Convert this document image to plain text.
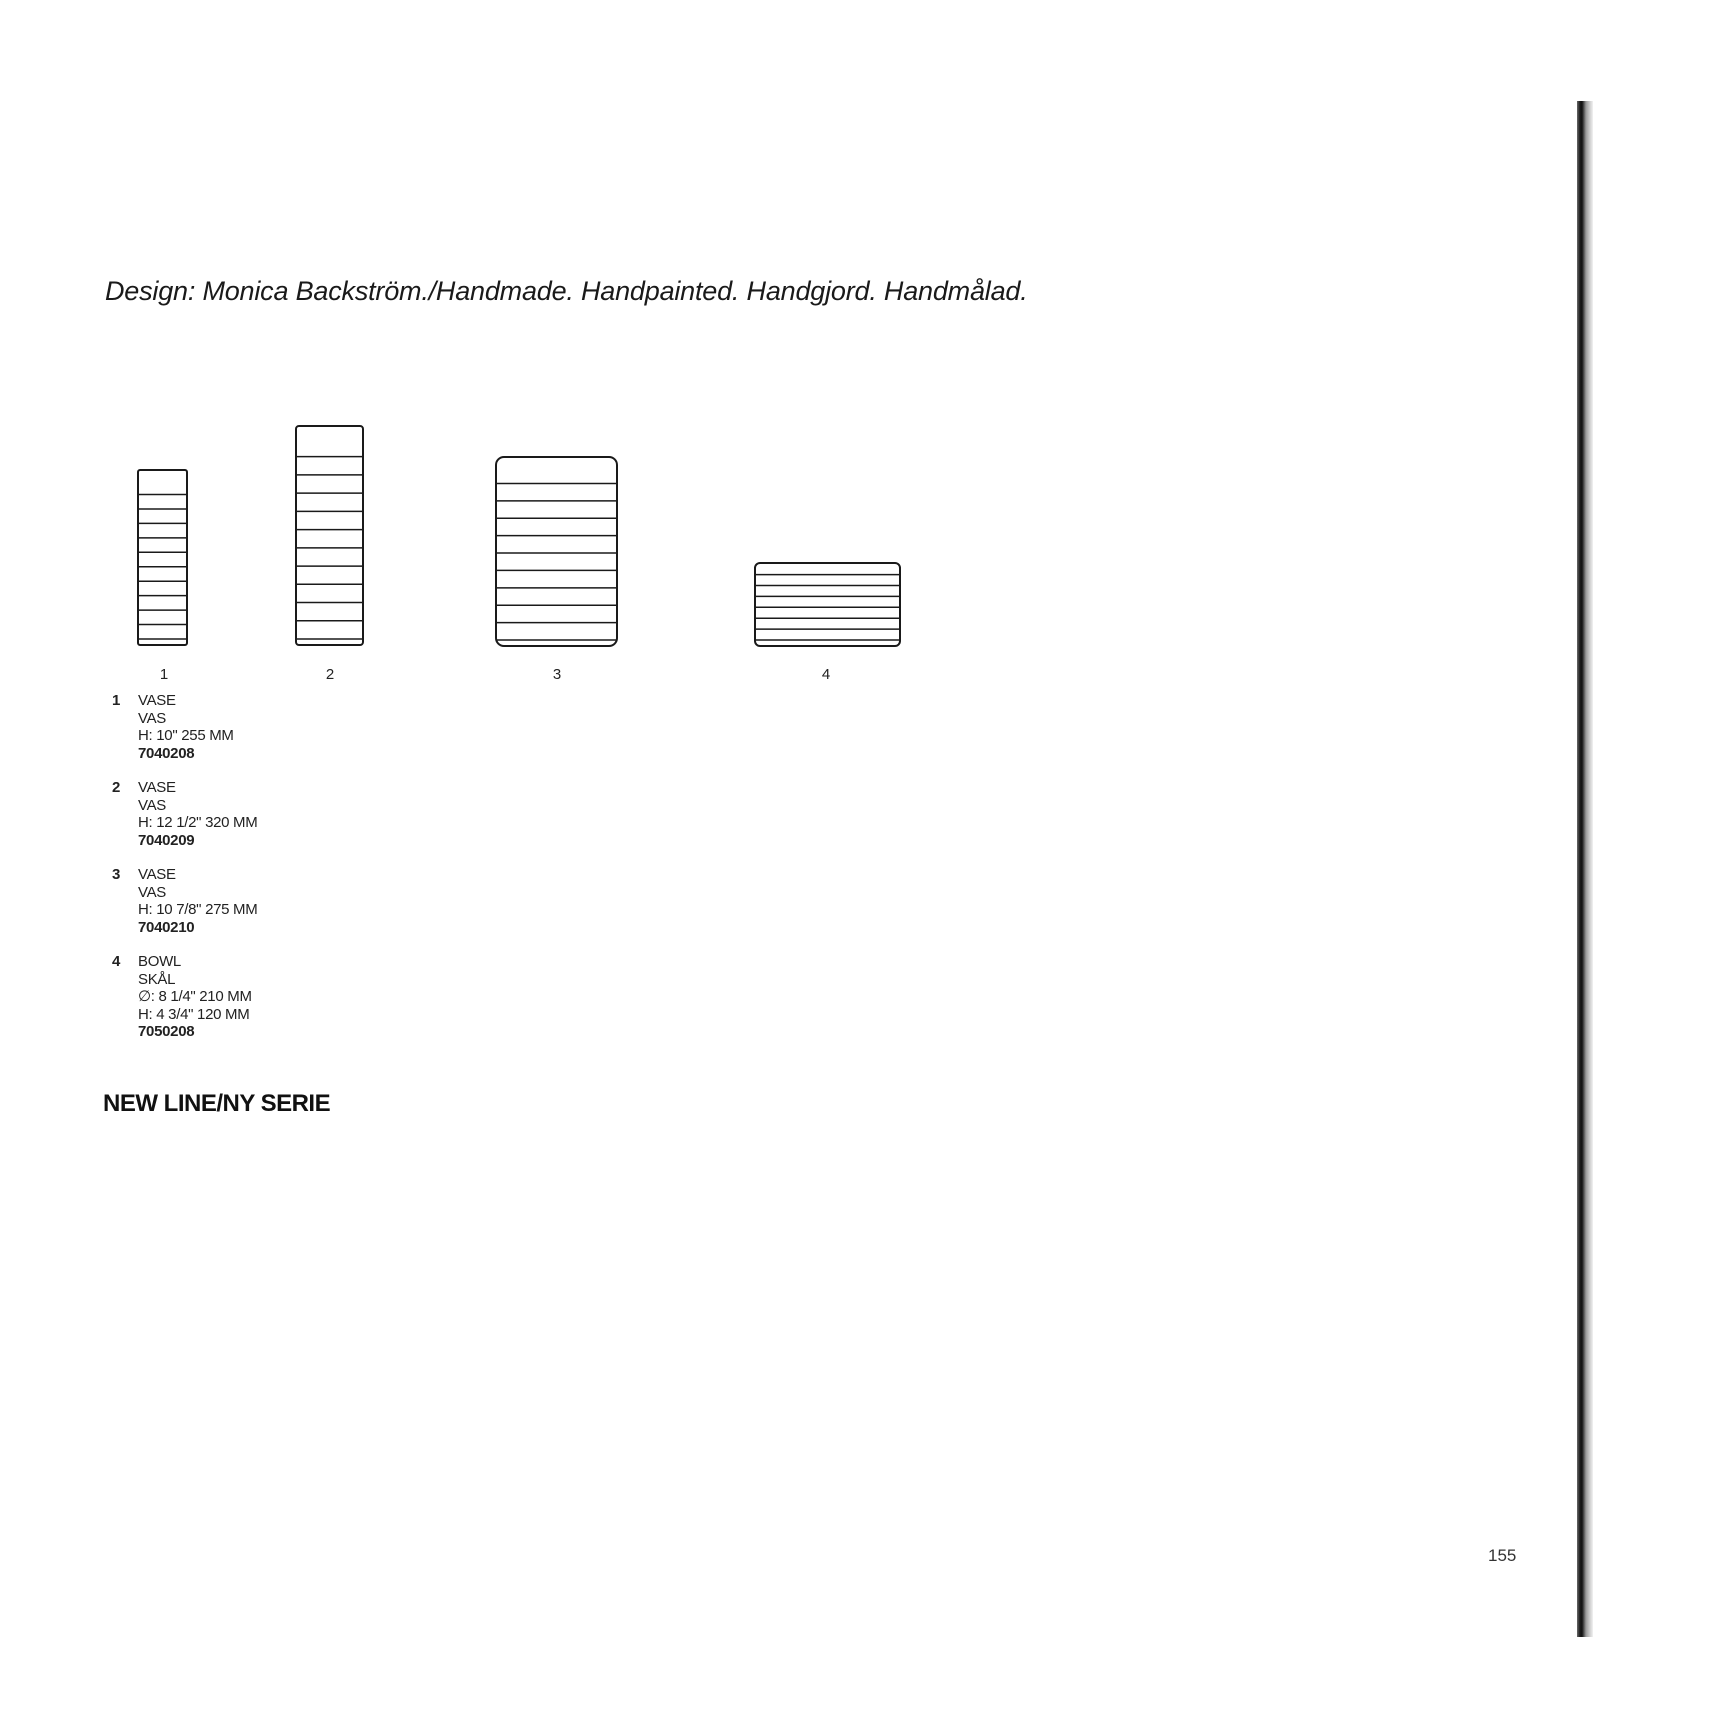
Design: Monica Backström./Handmade. Handpainted. Handgjord. Handmålad.
1	2	3	4
1	VASE
VAS
H: 10" 255 MM
7040208
2	VASE
VAS
H: 12 1/2" 320 MM
7040209
3	VASE
VAS
H: 10 7/8" 275 MM
7040210
4	BOWL
SKÅL
∅: 8 1/4" 210 MM
H: 4 3/4" 120 MM
7050208
NEW LINE/NY SERIE
155
